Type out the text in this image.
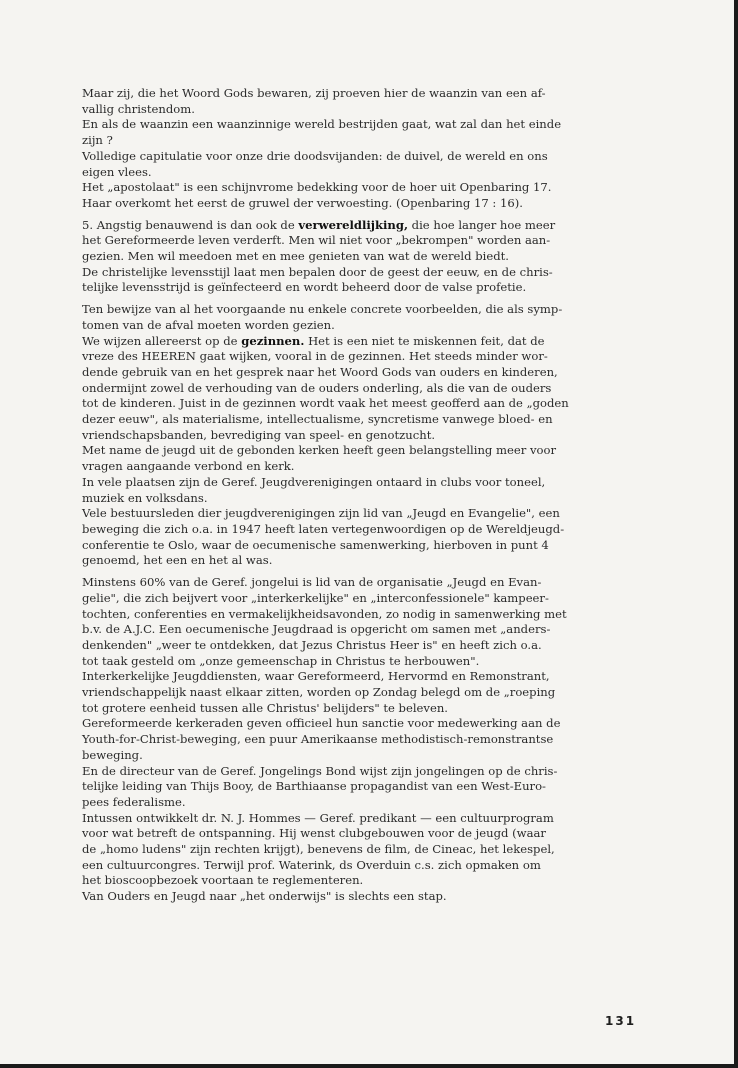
Maar zij, die het Woord Gods bewaren, zij proeven hier de waanzin van een af-
vallig christendom.
En als de waanzin een waanzinnige wereld bestrijden gaat, wat zal dan het einde
zijn ?
Volledige capitulatie voor onze drie doodsvijanden: de duivel, de wereld en ons
eigen vlees.
Het „apostolaat" is een schijnvrome bedekking voor de hoer uit Openbaring 17.
Haar overkomt het eerst de gruwel der verwoesting. (Openbaring 17 : 16).

5. Angstig benauwend is dan ook de verwereldlijking, die hoe langer hoe meer
het Gereformeerde leven verderft. Men wil niet voor „bekrompen" worden aan-
gezien. Men wil meedoen met en mee genieten van wat de wereld biedt.
De christelijke levensstijl laat men bepalen door de geest der eeuw, en de chris-
telijke levensstrijd is geïnfecteerd en wordt beheerd door de valse profetie.

Ten bewijze van al het voorgaande nu enkele concrete voorbeelden, die als symp-
tomen van de afval moeten worden gezien.
We wijzen allereerst op de gezinnen. Het is een niet te miskennen feit, dat de
vreze des HEEREN gaat wijken, vooral in de gezinnen. Het steeds minder wor-
dende gebruik van en het gesprek naar het Woord Gods van ouders en kinderen,
ondermijnt zowel de verhouding van de ouders onderling, als die van de ouders
tot de kinderen. Juist in de gezinnen wordt vaak het meest geofferd aan de „goden
dezer eeuw", als materialisme, intellectualisme, syncretisme vanwege bloed- en
vriendschapsbanden, bevrediging van speel- en genotzucht.
Met name de jeugd uit de gebonden kerken heeft geen belangstelling meer voor
vragen aangaande verbond en kerk.
In vele plaatsen zijn de Geref. Jeugdverenigingen ontaard in clubs voor toneel,
muziek en volksdans.
Vele bestuursleden dier jeugdverenigingen zijn lid van „Jeugd en Evangelie", een
beweging die zich o.a. in 1947 heeft laten vertegenwoordigen op de Wereldjeugd-
conferentie te Oslo, waar de oecumenische samenwerking, hierboven in punt 4
genoemd, het een en het al was.

Minstens 60% van de Geref. jongelui is lid van de organisatie „Jeugd en Evan-
gelie", die zich beijvert voor „interkerkelijke" en „interconfessionele" kampeer-
tochten, conferenties en vermakelijkheidsavonden, zo nodig in samenwerking met
b.v. de A.J.C. Een oecumenische Jeugdraad is opgericht om samen met „anders-
denkenden" „weer te ontdekken, dat Jezus Christus Heer is" en heeft zich o.a.
tot taak gesteld om „onze gemeenschap in Christus te herbouwen".
Interkerkelijke Jeugddiensten, waar Gereformeerd, Hervormd en Remonstrant,
vriendschappelijk naast elkaar zitten, worden op Zondag belegd om de „roeping
tot grotere eenheid tussen alle Christus' belijders" te beleven.
Gereformeerde kerkeraden geven officieel hun sanctie voor medewerking aan de
Youth-for-Christ-beweging, een puur Amerikaanse methodistisch-remonstrantse
beweging.
En de directeur van de Geref. Jongelings Bond wijst zijn jongelingen op de chris-
telijke leiding van Thijs Booy, de Barthiaanse propagandist van een West-Euro-
pees federalisme.
Intussen ontwikkelt dr. N. J. Hommes — Geref. predikant — een cultuurprogram
voor wat betreft de ontspanning. Hij wenst clubgebouwen voor de jeugd (waar
de „homo ludens" zijn rechten krijgt), benevens de film, de Cineac, het lekespel,
een cultuurcongres. Terwijl prof. Waterink, ds Overduin c.s. zich opmaken om
het bioscoopbezoek voortaan te reglementeren.
Van Ouders en Jeugd naar „het onderwijs" is slechts een stap.

131
